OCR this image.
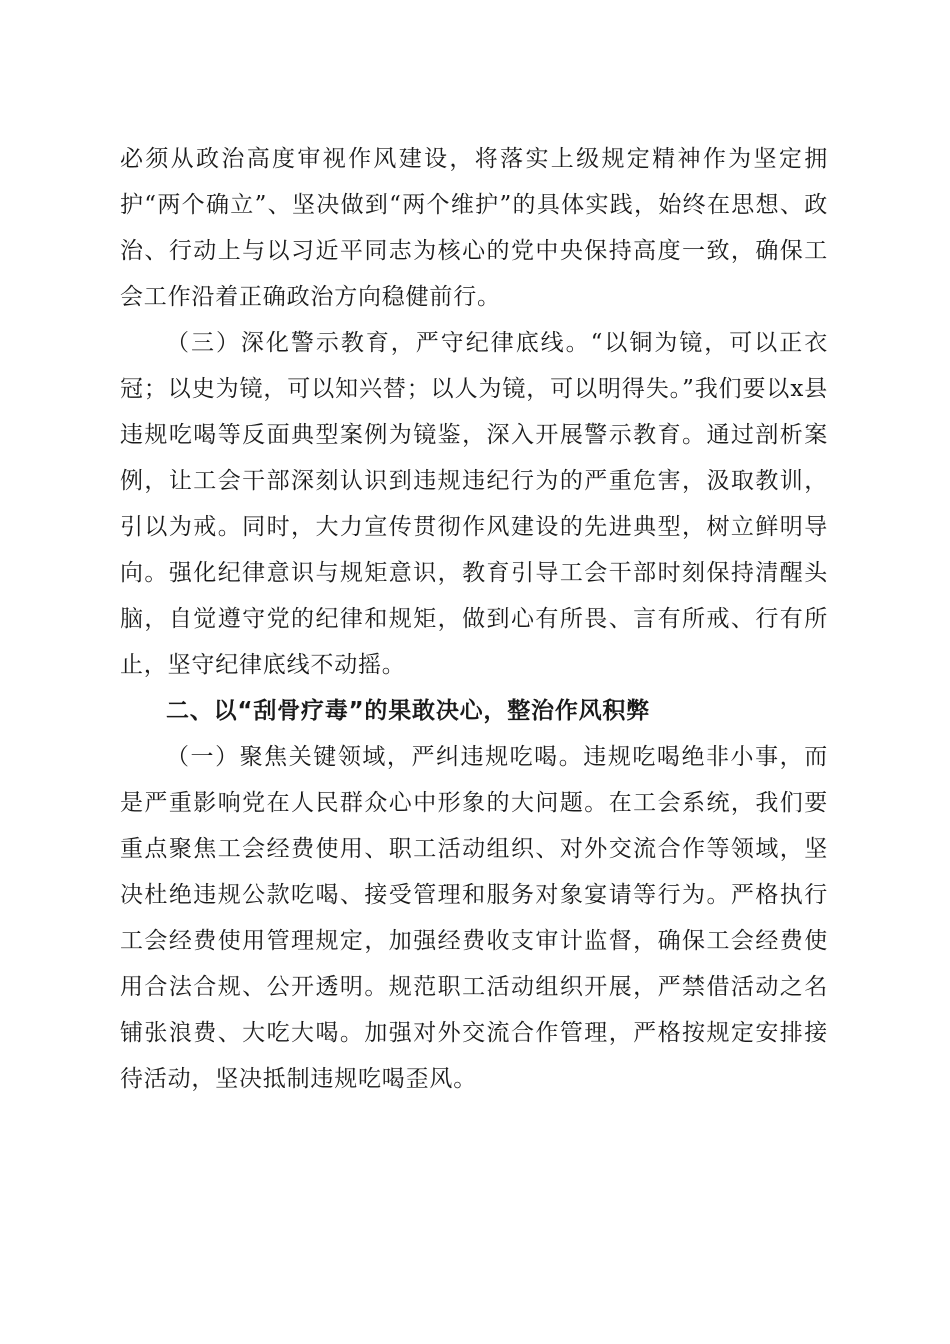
必须从政治高度审视作风建设，将落实上级规定精神作为坚定拥护“两个确立”、坚决做到“两个维护”的具体实践，始终在思想、政治、行动上与以习近平同志为核心的党中央保持高度一致，确保工会工作沿着正确政治方向稳健前行。

（三）深化警示教育，严守纪律底线。“以铜为镜，可以正衣冠；以史为镜，可以知兴替；以人为镜，可以明得失。”我们要以x县违规吃喝等反面典型案例为镜鉴，深入开展警示教育。通过剖析案例，让工会干部深刻认识到违规违纪行为的严重危害，汲取教训，引以为戒。同时，大力宣传贯彻作风建设的先进典型，树立鲜明导向。强化纪律意识与规矩意识，教育引导工会干部时刻保持清醒头脑，自觉遵守党的纪律和规矩，做到心有所畏、言有所戒、行有所止，坚守纪律底线不动摇。

二、以“刮骨疗毒”的果敢决心，整治作风积弊

（一）聚焦关键领域，严纠违规吃喝。违规吃喝绝非小事，而是严重影响党在人民群众心中形象的大问题。在工会系统，我们要重点聚焦工会经费使用、职工活动组织、对外交流合作等领域，坚决杜绝违规公款吃喝、接受管理和服务对象宴请等行为。严格执行工会经费使用管理规定，加强经费收支审计监督，确保工会经费使用合法合规、公开透明。规范职工活动组织开展，严禁借活动之名铺张浪费、大吃大喝。加强对外交流合作管理，严格按规定安排接待活动，坚决抵制违规吃喝歪风。
